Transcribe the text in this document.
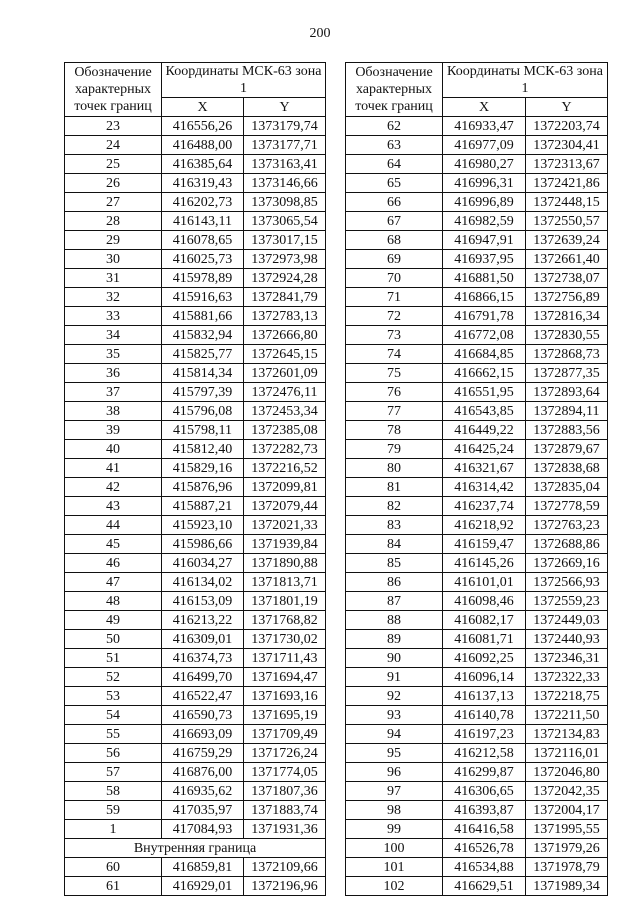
200
Обозначение характерных точек границ	Координаты МСК-63 зона 1	
	X	Y
23	416556,26	1373179,74
24	416488,00	1373177,71
25	416385,64	1373163,41
26	416319,43	1373146,66
27	416202,73	1373098,85
28	416143,11	1373065,54
29	416078,65	1373017,15
30	416025,73	1372973,98
31	415978,89	1372924,28
32	415916,63	1372841,79
33	415881,66	1372783,13
34	415832,94	1372666,80
35	415825,77	1372645,15
36	415814,34	1372601,09
37	415797,39	1372476,11
38	415796,08	1372453,34
39	415798,11	1372385,08
40	415812,40	1372282,73
41	415829,16	1372216,52
42	415876,96	1372099,81
43	415887,21	1372079,44
44	415923,10	1372021,33
45	415986,66	1371939,84
46	416034,27	1371890,88
47	416134,02	1371813,71
48	416153,09	1371801,19
49	416213,22	1371768,82
50	416309,01	1371730,02
51	416374,73	1371711,43
52	416499,70	1371694,47
53	416522,47	1371693,16
54	416590,73	1371695,19
55	416693,09	1371709,49
56	416759,29	1371726,24
57	416876,00	1371774,05
58	416935,62	1371807,36
59	417035,97	1371883,74
1	417084,93	1371931,36
Внутренняя граница		
60	416859,81	1372109,66
61	416929,01	1372196,96
Обозначение характерных точек границ	Координаты МСК-63 зона 1	
	X	Y
62	416933,47	1372203,74
63	416977,09	1372304,41
64	416980,27	1372313,67
65	416996,31	1372421,86
66	416996,89	1372448,15
67	416982,59	1372550,57
68	416947,91	1372639,24
69	416937,95	1372661,40
70	416881,50	1372738,07
71	416866,15	1372756,89
72	416791,78	1372816,34
73	416772,08	1372830,55
74	416684,85	1372868,73
75	416662,15	1372877,35
76	416551,95	1372893,64
77	416543,85	1372894,11
78	416449,22	1372883,56
79	416425,24	1372879,67
80	416321,67	1372838,68
81	416314,42	1372835,04
82	416237,74	1372778,59
83	416218,92	1372763,23
84	416159,47	1372688,86
85	416145,26	1372669,16
86	416101,01	1372566,93
87	416098,46	1372559,23
88	416082,17	1372449,03
89	416081,71	1372440,93
90	416092,25	1372346,31
91	416096,14	1372322,33
92	416137,13	1372218,75
93	416140,78	1372211,50
94	416197,23	1372134,83
95	416212,58	1372116,01
96	416299,87	1372046,80
97	416306,65	1372042,35
98	416393,87	1372004,17
99	416416,58	1371995,55
100	416526,78	1371979,26
101	416534,88	1371978,79
102	416629,51	1371989,34
